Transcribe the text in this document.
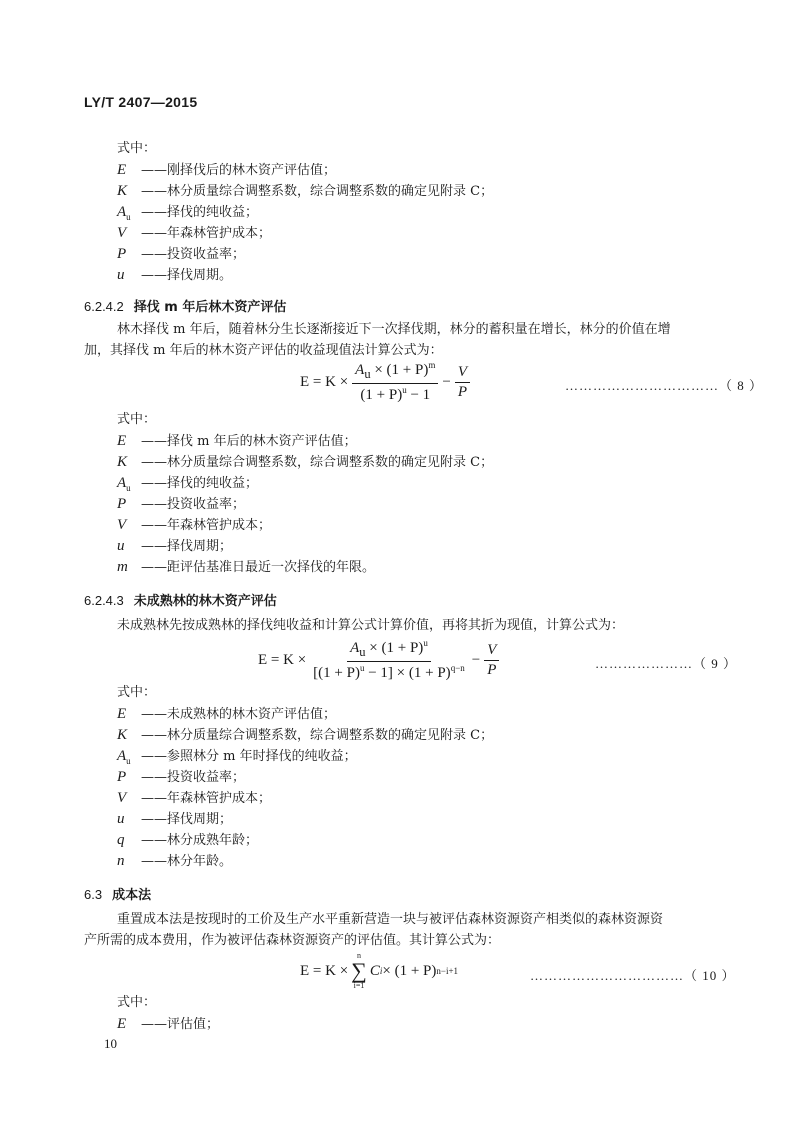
LY/T 2407—2015
式中：
E ——刚择伐后的林木资产评估值；
K ——林分质量综合调整系数，综合调整系数的确定见附录 C；
$A_u$ ——择伐的纯收益；
V ——年森林管护成本；
P ——投资收益率；
u ——择伐周期。
6.2.4.2 择伐 m 年后林木资产评估
林木择伐 m 年后，随着林分生长逐渐接近下一次择伐期，林分的蓄积量在增长，林分的价值在增
加，其择伐 m 年后的林木资产评估的收益现值法计算公式为：
$E = K \times \frac{A_u \times (1 + P)^m}{(1 + P)^u - 1} - \frac{V}{P}$	……………………………（ 8 ）
式中：
E ——择伐 m 年后的林木资产评估值；
K ——林分质量综合调整系数，综合调整系数的确定见附录 C；
$A_u$ ——择伐的纯收益；
P ——投资收益率；
V ——年森林管护成本；
u ——择伐周期；
m ——距评估基准日最近一次择伐的年限。
6.2.4.3 未成熟林的林木资产评估
未成熟林先按成熟林的择伐纯收益和计算公式计算价值，再将其折为现值，计算公式为：
$E = K \times \frac{A_u \times (1 + P)^u}{[(1 + P)^u - 1] \times (1 + P)^{q-n}} - \frac{V}{P}$	…………………（ 9 ）
式中：
E ——未成熟林的林木资产评估值；
K ——林分质量综合调整系数，综合调整系数的确定见附录 C；
$A_u$ ——参照林分 m 年时择伐的纯收益；
P ——投资收益率；
V ——年森林管护成本；
u ——择伐周期；
q ——林分成熟年龄；
n ——林分年龄。
6.3 成本法
重置成本法是按现时的工价及生产水平重新营造一块与被评估森林资源资产相类似的森林资源资
产所需的成本费用，作为被评估森林资源资产的评估值。其计算公式为：
E = K ×
n
∑
i=1
C i × (1 + P) n−i+1	……………………………（ 10 ）
式中：
E ——评估值；
10
